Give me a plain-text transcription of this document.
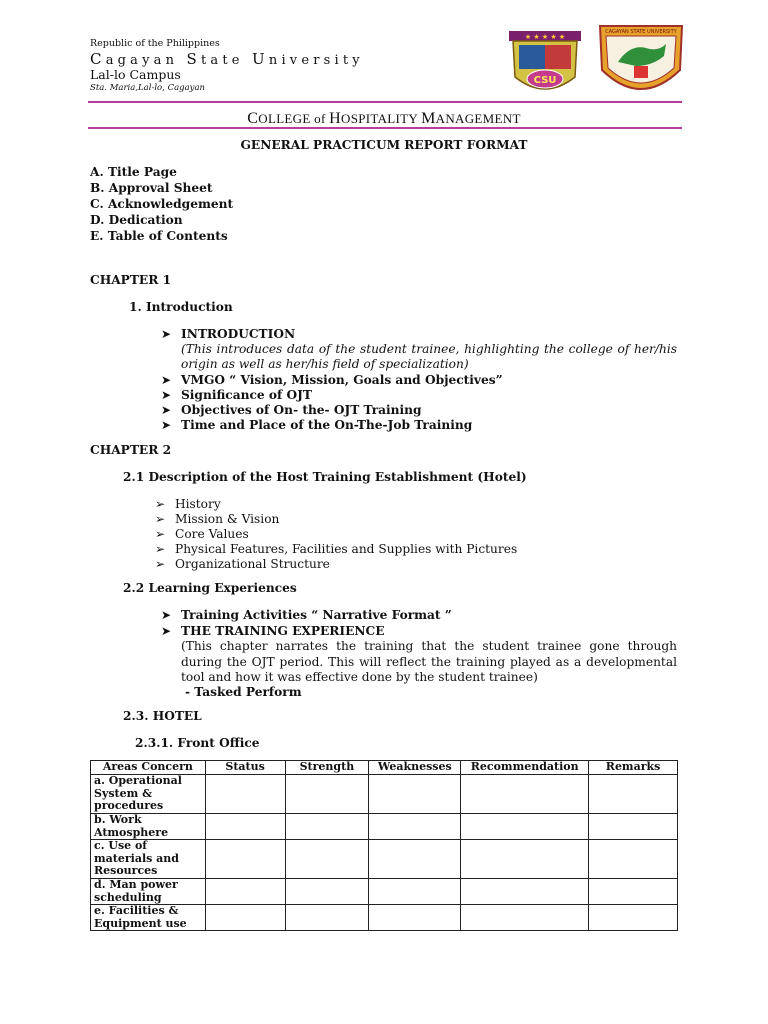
Republic of the Philippines
Cagayan State University
Lal-lo Campus
Sta. Maria,Lal-lo, Cagayan
★ ★ ★ ★ ★
CSU
CAGAYAN STATE UNIVERSITY
COLLEGE of HOSPITALITY MANAGEMENT
GENERAL PRACTICUM REPORT FORMAT
A. Title Page
B. Approval Sheet
C. Acknowledgement
D. Dedication
E. Table of Contents
CHAPTER 1
1. Introduction
➤ INTRODUCTION
(This introduces data of the student trainee, highlighting the college of her/his origin as well as her/his field of specialization)
➤ VMGO “ Vision, Mission, Goals and Objectives”
➤ Significance of OJT
➤ Objectives of On- the- OJT Training
➤ Time and Place of the On-The-Job Training
CHAPTER 2
2.1 Description of the Host Training Establishment (Hotel)
➢ History
➢ Mission & Vision
➢ Core Values
➢ Physical Features, Facilities and Supplies with Pictures
➢ Organizational Structure
2.2 Learning Experiences
➤ Training Activities “ Narrative Format ”
➤ THE TRAINING EXPERIENCE
(This chapter narrates the training that the student trainee gone through during the OJT period. This will reflect the training played as a developmental tool and how it was effective done by the student trainee)
- Tasked Perform
2.3. HOTEL
2.3.1. Front Office
Areas Concern	Status	Strength	Weaknesses	Recommendation	Remarks
a. Operational System & procedures					
b. Work Atmosphere					
c. Use of materials and Resources					
d. Man power scheduling					
e. Facilities & Equipment use					
